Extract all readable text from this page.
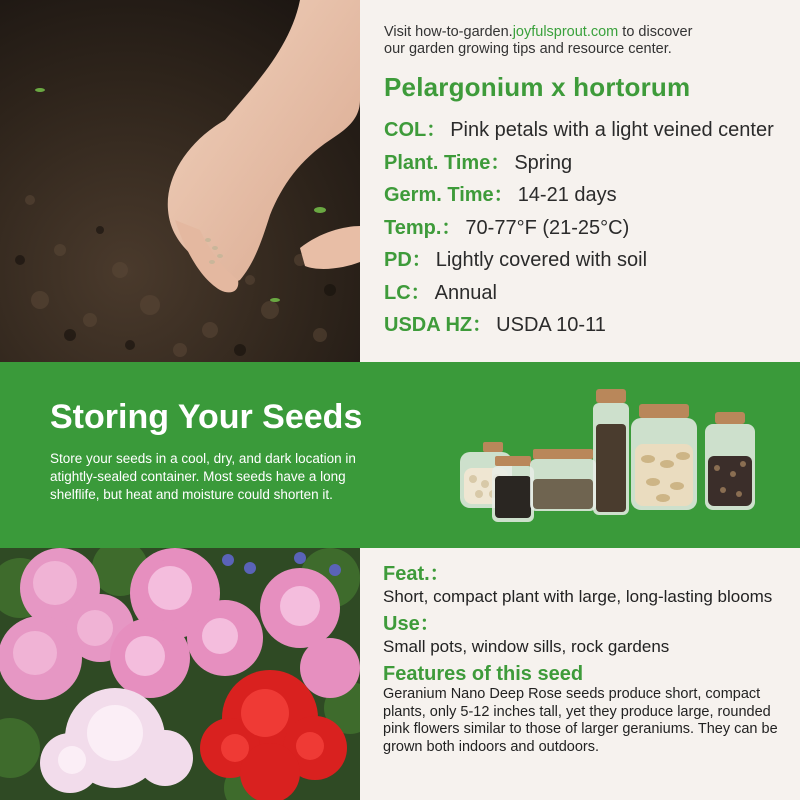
Visit how-to-garden.joyfulsprout.com to discover
our garden growing tips and resource center.

Pelargonium x hortorum
COL： Pink petals with a light veined center
Plant. Time： Spring
Germ. Time： 14-21 days
Temp.： 70-77°F (21-25°C)
PD： Lightly covered with soil
LC： Annual
USDA HZ： USDA 10-11
Storing Your Seeds

Store your seeds in a cool, dry, and dark location in atightly-sealed container. Most seeds have a long shelflife, but heat and moisture could shorten it.

Feat.：
Short, compact plant with large, long-lasting blooms
Use：
Small pots, window sills, rock gardens
Features of this seed

Geranium Nano Deep Rose seeds produce short, compact plants, only 5-12 inches tall, yet they produce large, rounded pink flowers similar to those of larger geraniums. They can be grown both indoors and outdoors.
